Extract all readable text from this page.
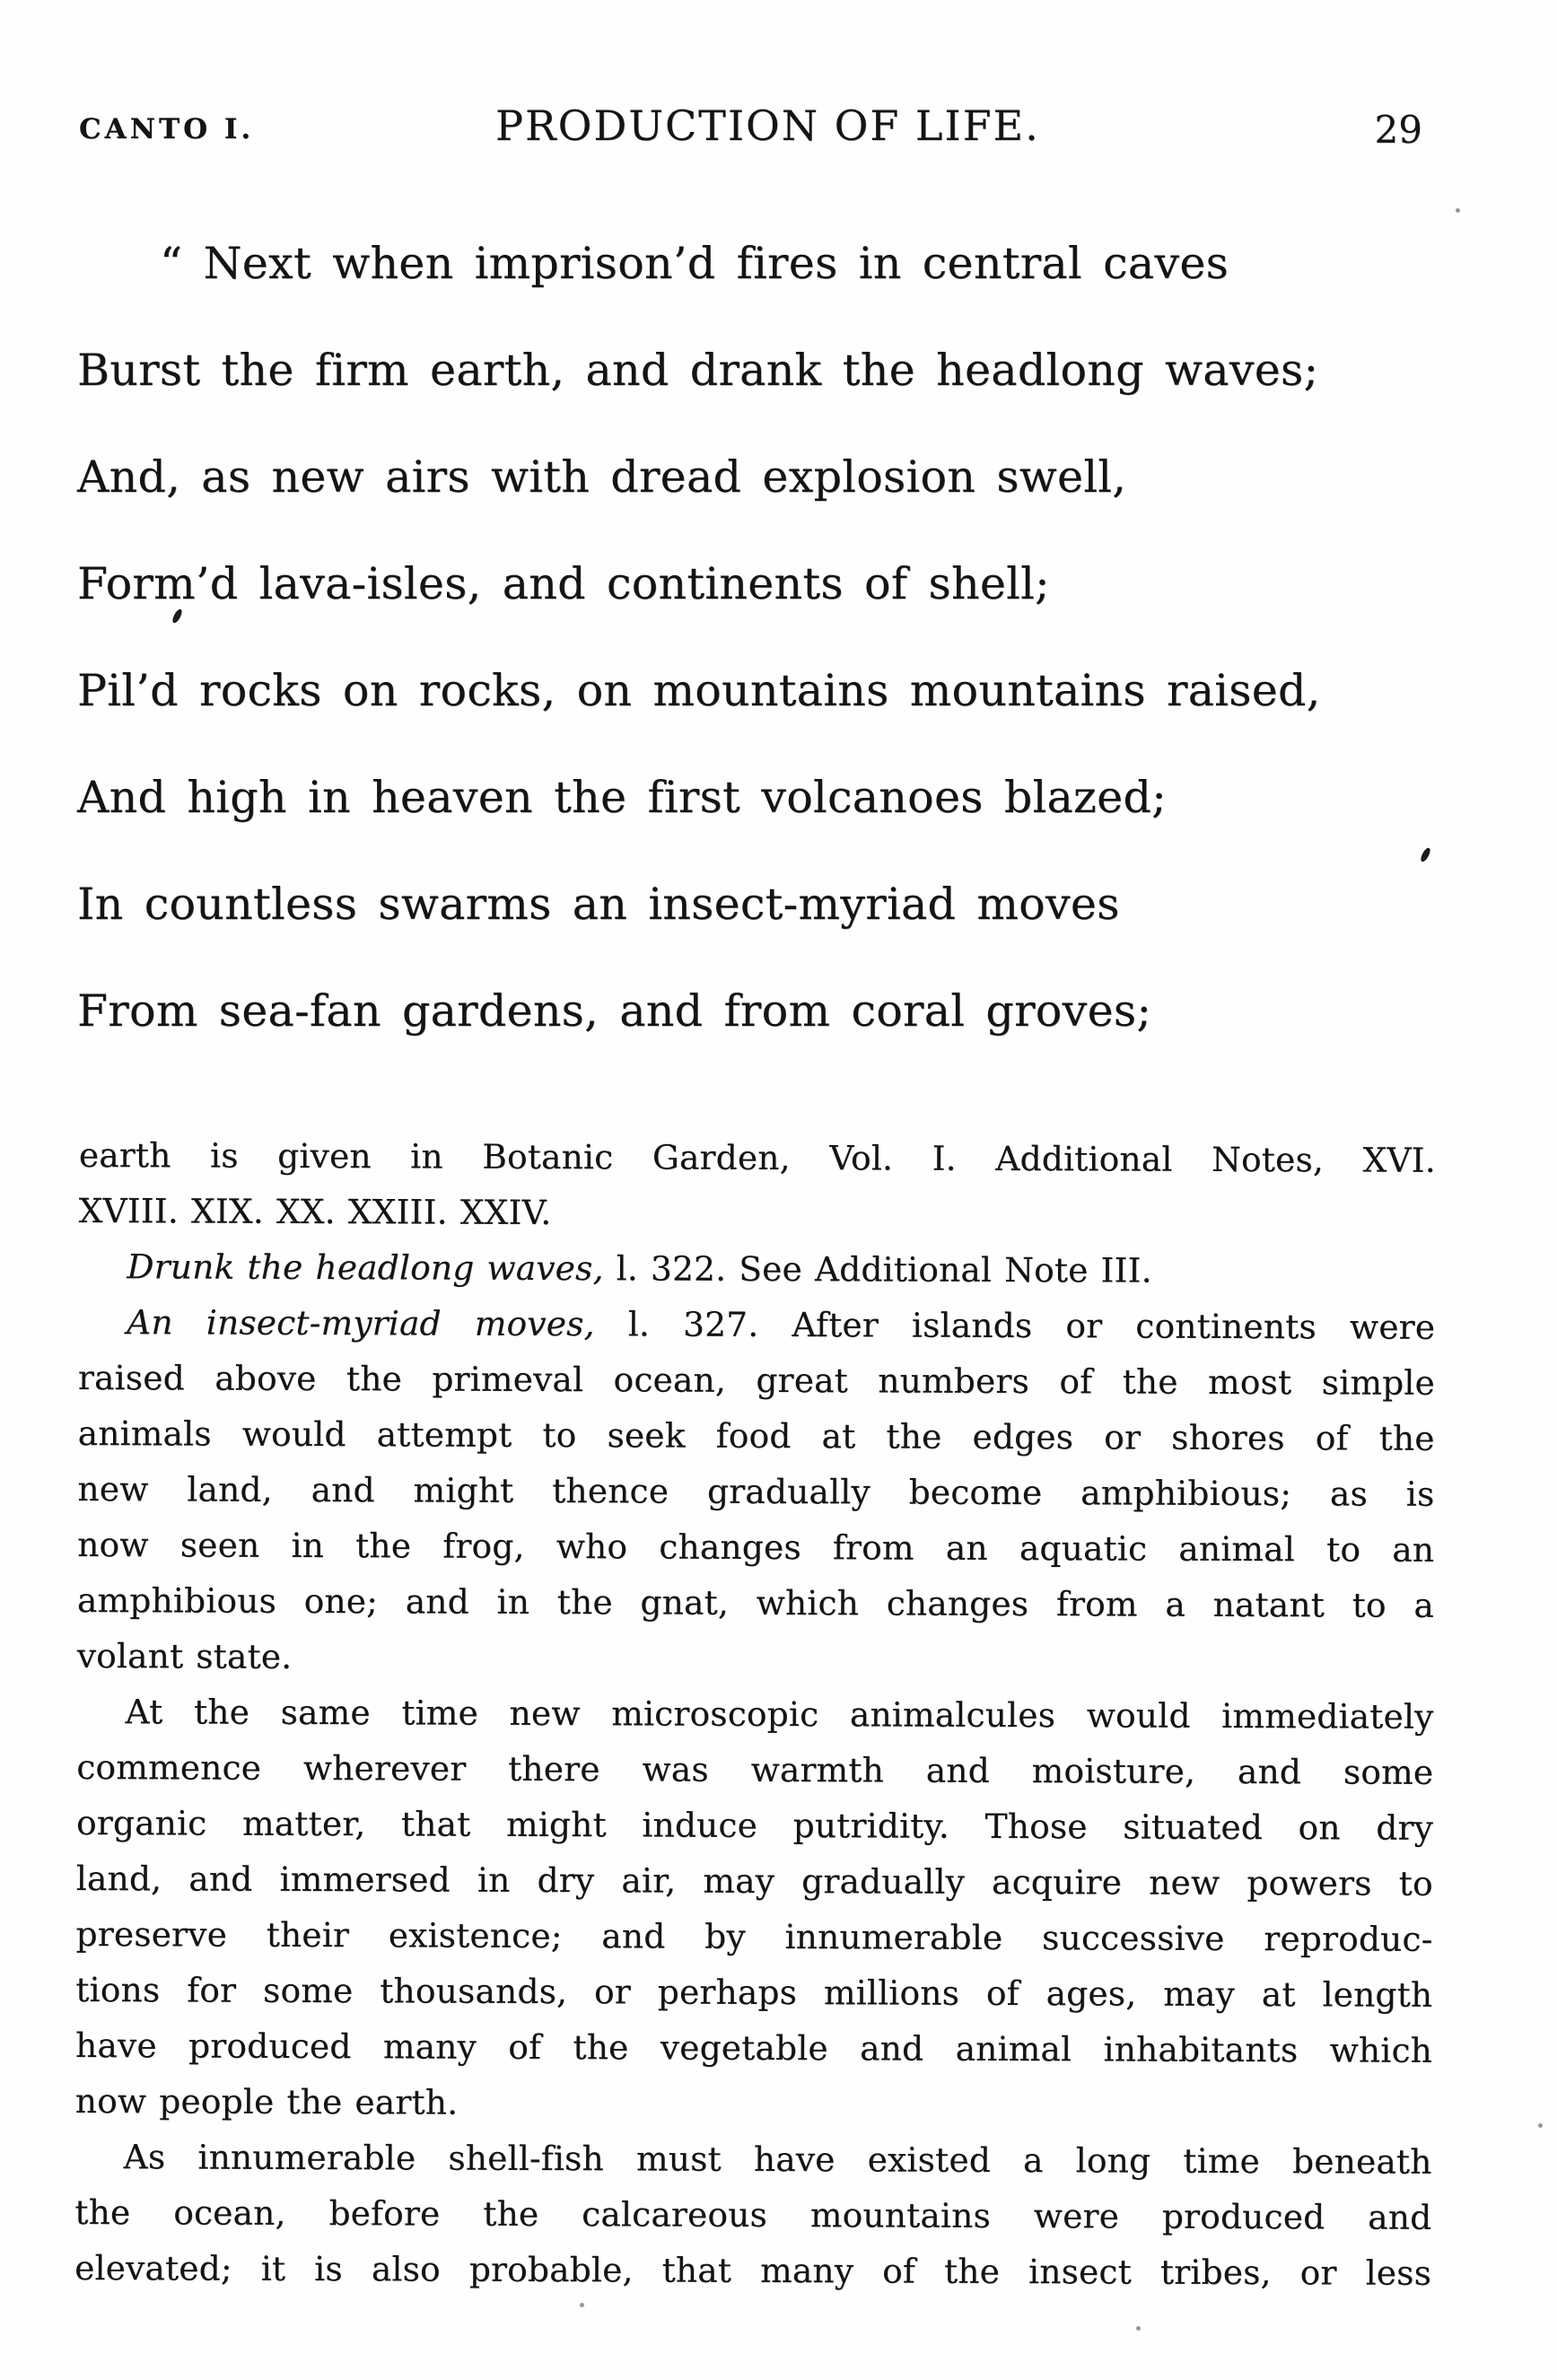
CANTO I.	PRODUCTION OF LIFE.	29
“ Next when imprison’d fires in central caves
Burst the firm earth, and drank the headlong waves;
And, as new airs with dread explosion swell,
Form’d lava-isles, and continents of shell;
Pil’d rocks on rocks, on mountains mountains raised,
And high in heaven the first volcanoes blazed;
In countless swarms an insect-myriad moves
From sea-fan gardens, and from coral groves;
earth is given in Botanic Garden, Vol. I. Additional Notes, XVI.
XVIII. XIX. XX. XXIII. XXIV.
Drunk the headlong waves, l. 322. See Additional Note III.
An insect-myriad moves, l. 327. After islands or continents were
raised above the primeval ocean, great numbers of the most simple
animals would attempt to seek food at the edges or shores of the
new land, and might thence gradually become amphibious; as is
now seen in the frog, who changes from an aquatic animal to an
amphibious one; and in the gnat, which changes from a natant to a
volant state.
At the same time new microscopic animalcules would immediately
commence wherever there was warmth and moisture, and some
organic matter, that might induce putridity. Those situated on dry
land, and immersed in dry air, may gradually acquire new powers to
preserve their existence; and by innumerable successive reproduc-
tions for some thousands, or perhaps millions of ages, may at length
have produced many of the vegetable and animal inhabitants which
now people the earth.
As innumerable shell-fish must have existed a long time beneath
the ocean, before the calcareous mountains were produced and
elevated; it is also probable, that many of the insect tribes, or less
